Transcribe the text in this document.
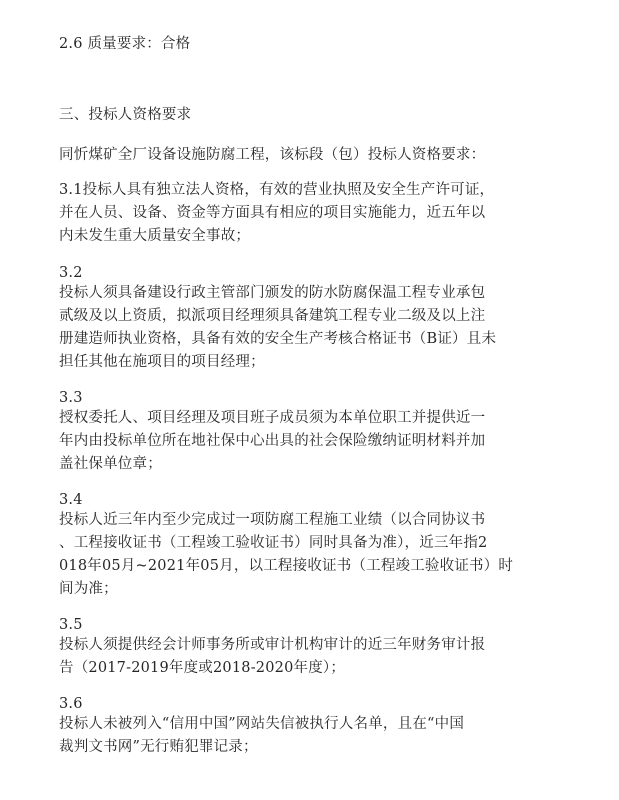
2.6 质量要求：合格
三、投标人资格要求
同忻煤矿全厂设备设施防腐工程，该标段（包）投标人资格要求：
3.1投标人具有独立法人资格，有效的营业执照及安全生产许可证，
并在人员、设备、资金等方面具有相应的项目实施能力，近五年以
内未发生重大质量安全事故；
3.2
投标人须具备建设行政主管部门颁发的防水防腐保温工程专业承包
贰级及以上资质，拟派项目经理须具备建筑工程专业二级及以上注
册建造师执业资格，具备有效的安全生产考核合格证书（B证）且未
担任其他在施项目的项目经理；
3.3
授权委托人、项目经理及项目班子成员须为本单位职工并提供近一
年内由投标单位所在地社保中心出具的社会保险缴纳证明材料并加
盖社保单位章；
3.4
投标人近三年内至少完成过一项防腐工程施工业绩（以合同协议书
、工程接收证书（工程竣工验收证书）同时具备为准），近三年指2
018年05月~2021年05月，以工程接收证书（工程竣工验收证书）时
间为准；
3.5
投标人须提供经会计师事务所或审计机构审计的近三年财务审计报
告（2017-2019年度或2018-2020年度）；
3.6
投标人未被列入“信用中国”网站失信被执行人名单，且在“中国
裁判文书网”无行贿犯罪记录；
